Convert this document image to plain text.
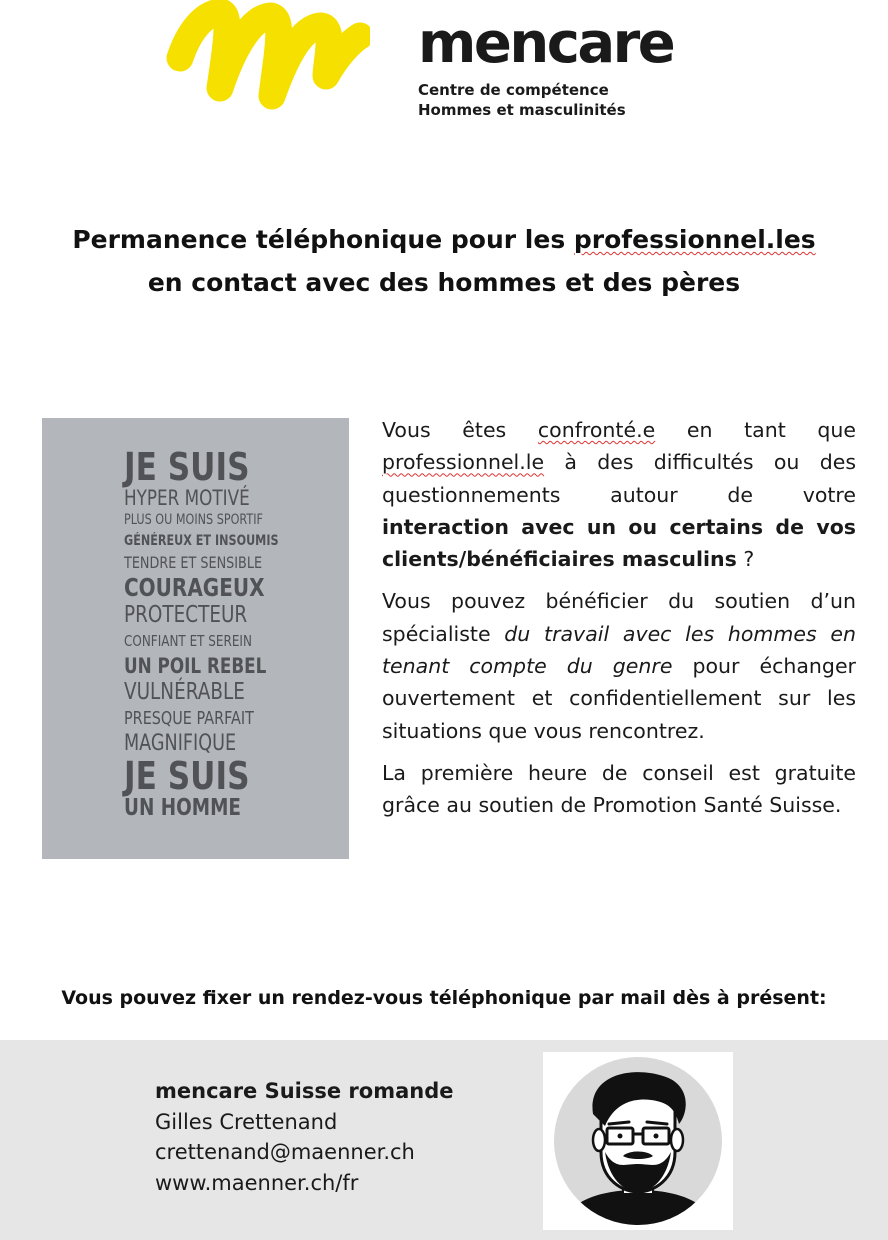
mencare
Centre de compétence
Hommes et masculinités
Permanence téléphonique pour les professionnel.les
en contact avec des hommes et des pères
JE SUIS
HYPER MOTIVÉ
PLUS OU MOINS SPORTIF
GÉNÉREUX ET INSOUMIS
TENDRE ET SENSIBLE
COURAGEUX
PROTECTEUR
CONFIANT ET SEREIN
UN POIL REBEL
VULNÉRABLE
PRESQUE PARFAIT
MAGNIFIQUE
JE SUIS
UN HOMME

Vous êtes confronté.e en tant que professionnel.le à des difficultés ou des questionnements autour de votre interaction avec un ou certains de vos clients/bénéficiaires masculins ?

Vous pouvez bénéficier du soutien d’un spécialiste du travail avec les hommes en tenant compte du genre pour échanger ouvertement et confidentiellement sur les situations que vous rencontrez.

La première heure de conseil est gratuite grâce au soutien de Promotion Santé Suisse.

Vous pouvez fixer un rendez-vous téléphonique par mail dès à présent:
mencare Suisse romande
Gilles Crettenand
crettenand@maenner.ch
www.maenner.ch/fr
